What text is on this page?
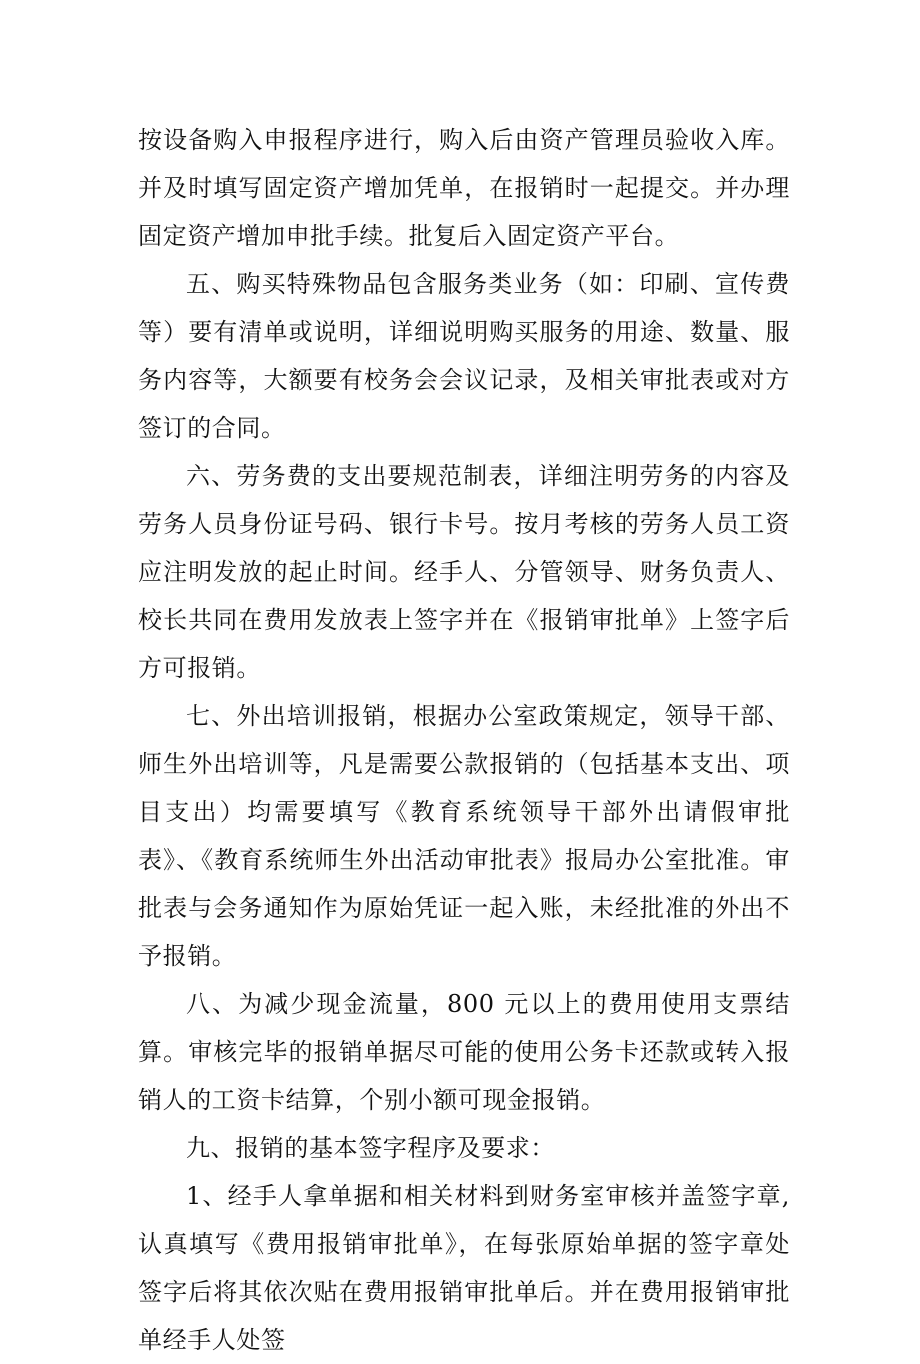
按设备购入申报程序进行，购入后由资产管理员验收入库。并及时填写固定资产增加凭单，在报销时一起提交。并办理固定资产增加申批手续。批复后入固定资产平台。

五、购买特殊物品包含服务类业务（如：印刷、宣传费等）要有清单或说明，详细说明购买服务的用途、数量、服务内容等，大额要有校务会会议记录，及相关审批表或对方签订的合同。

六、劳务费的支出要规范制表，详细注明劳务的内容及劳务人员身份证号码、银行卡号。按月考核的劳务人员工资应注明发放的起止时间。经手人、分管领导、财务负责人、校长共同在费用发放表上签字并在《报销审批单》上签字后方可报销。

七、外出培训报销，根据办公室政策规定，领导干部、师生外出培训等，凡是需要公款报销的（包括基本支出、项目支出）均需要填写《教育系统领导干部外出请假审批表》、《教育系统师生外出活动审批表》报局办公室批准。审批表与会务通知作为原始凭证一起入账，未经批准的外出不予报销。

八、为减少现金流量，800 元以上的费用使用支票结算。审核完毕的报销单据尽可能的使用公务卡还款或转入报销人的工资卡结算，个别小额可现金报销。

九、报销的基本签字程序及要求：

1、经手人拿单据和相关材料到财务室审核并盖签字章,认真填写《费用报销审批单》，在每张原始单据的签字章处签字后将其依次贴在费用报销审批单后。并在费用报销审批单经手人处签
